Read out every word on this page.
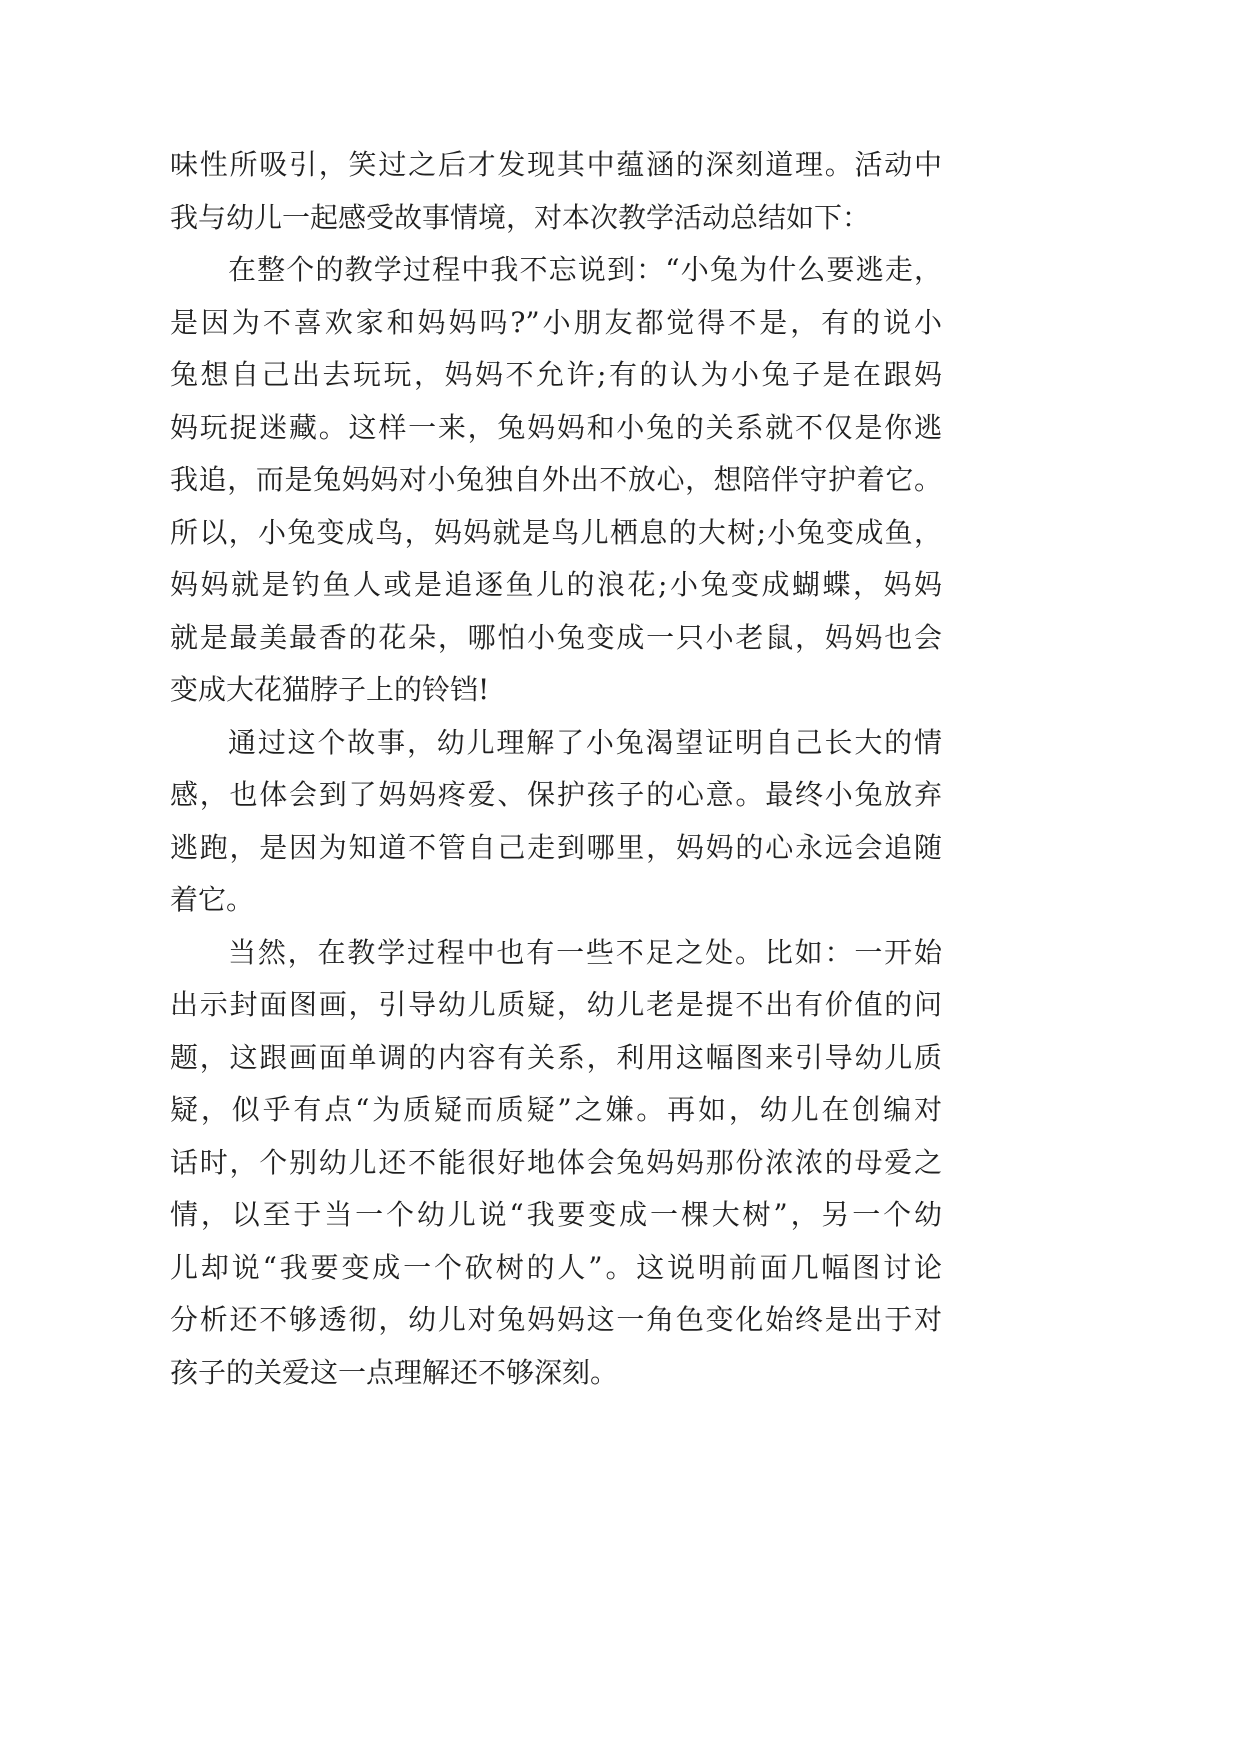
味性所吸引，笑过之后才发现其中蕴涵的深刻道理。活动中
我与幼儿一起感受故事情境，对本次教学活动总结如下：
在整个的教学过程中我不忘说到：“小兔为什么要逃走，
是因为不喜欢家和妈妈吗?”小朋友都觉得不是，有的说小
兔想自己出去玩玩，妈妈不允许;有的认为小兔子是在跟妈
妈玩捉迷藏。这样一来，兔妈妈和小兔的关系就不仅是你逃
我追，而是兔妈妈对小兔独自外出不放心，想陪伴守护着它。
所以，小兔变成鸟，妈妈就是鸟儿栖息的大树;小兔变成鱼，
妈妈就是钓鱼人或是追逐鱼儿的浪花;小兔变成蝴蝶，妈妈
就是最美最香的花朵，哪怕小兔变成一只小老鼠，妈妈也会
变成大花猫脖子上的铃铛!
通过这个故事，幼儿理解了小兔渴望证明自己长大的情
感，也体会到了妈妈疼爱、保护孩子的心意。最终小兔放弃
逃跑，是因为知道不管自己走到哪里，妈妈的心永远会追随
着它。
当然，在教学过程中也有一些不足之处。比如：一开始
出示封面图画，引导幼儿质疑，幼儿老是提不出有价值的问
题，这跟画面单调的内容有关系，利用这幅图来引导幼儿质
疑，似乎有点“为质疑而质疑”之嫌。再如，幼儿在创编对
话时，个别幼儿还不能很好地体会兔妈妈那份浓浓的母爱之
情，以至于当一个幼儿说“我要变成一棵大树”，另一个幼
儿却说“我要变成一个砍树的人”。这说明前面几幅图讨论
分析还不够透彻，幼儿对兔妈妈这一角色变化始终是出于对
孩子的关爱这一点理解还不够深刻。
